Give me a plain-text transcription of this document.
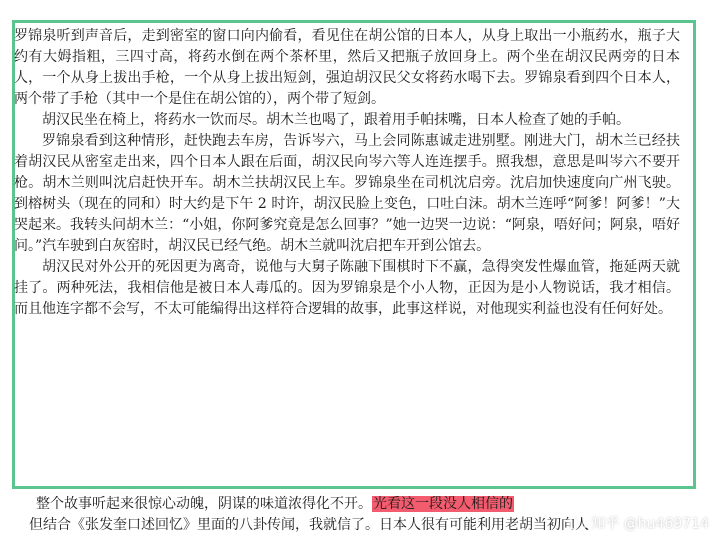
罗锦泉听到声音后，走到密室的窗口向内偷看，看见住在胡公馆的日本人，从身上取出一小瓶药水，瓶子大约有大姆指粗，三四寸高，将药水倒在两个茶杯里，然后又把瓶子放回身上。两个坐在胡汉民两旁的日本人，一个从身上拔出手枪，一个从身上拔出短剑，强迫胡汉民父女将药水喝下去。罗锦泉看到四个日本人，两个带了手枪（其中一个是住在胡公馆的），两个带了短剑。

胡汉民坐在椅上，将药水一饮而尽。胡木兰也喝了，跟着用手帕抹嘴，日本人检查了她的手帕。

罗锦泉看到这种情形，赶快跑去车房，告诉岑六，马上会同陈惠诚走进别墅。刚进大门，胡木兰已经扶着胡汉民从密室走出来，四个日本人跟在后面，胡汉民向岑六等人连连摆手。照我想，意思是叫岑六不要开枪。胡木兰则叫沈启赶快开车。胡木兰扶胡汉民上车。罗锦泉坐在司机沈启旁。沈启加快速度向广州飞驶。到榕树头（现在的同和）时大约是下午 2 时许，胡汉民脸上变色，口吐白沫。胡木兰连呼“阿爹！阿爹！”大哭起来。我转头问胡木兰：“小姐，你阿爹究竟是怎么回事？”她一边哭一边说：“阿泉，唔好问；阿泉，唔好问。”汽车驶到白灰窑时，胡汉民已经气绝。胡木兰就叫沈启把车开到公馆去。

胡汉民对外公开的死因更为离奇，说他与大舅子陈融下围棋时下不赢，急得突发性爆血管，拖延两天就挂了。两种死法，我相信他是被日本人毒瓜的。因为罗锦泉是个小人物，正因为是小人物说话，我才相信。而且他连字都不会写，不太可能编得出这样符合逻辑的故事，此事这样说，对他现实利益也没有任何好处。

整个故事听起来很惊心动魄，阴谋的味道浓得化不开。光看这一段没人相信的
但结合《张发奎口述回忆》里面的八卦传闻，我就信了。日本人很有可能利用老胡当初向人 知乎 @hu469714
